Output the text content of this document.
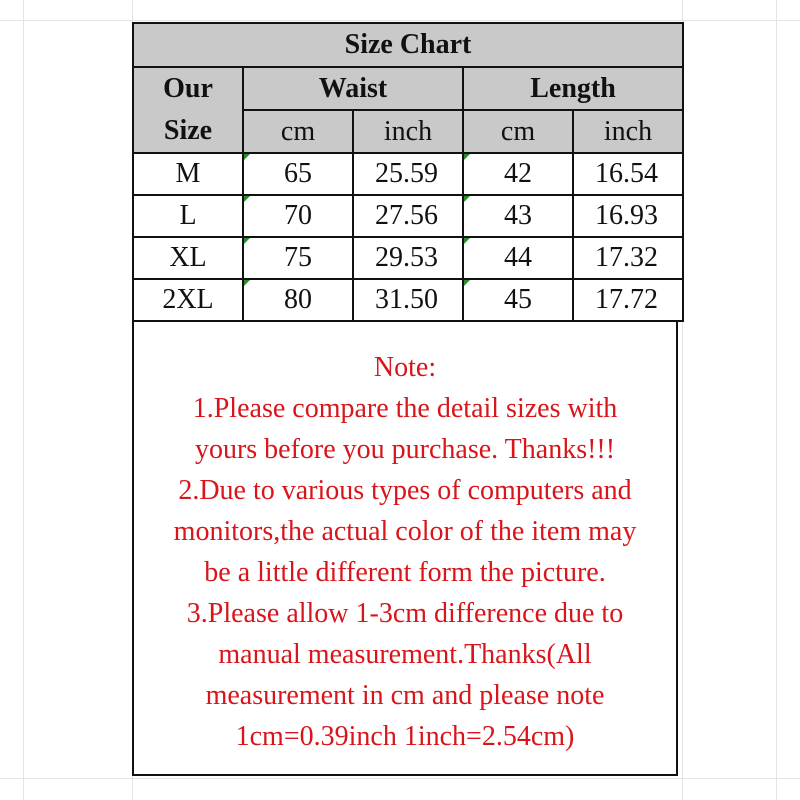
Size Chart				
Our
Size	Waist		Length	
	cm	inch	cm	inch
M	65	25.59	42	16.54
L	70	27.56	43	16.93
XL	75	29.53	44	17.32
2XL	80	31.50	45	17.72
Note:
1.Please compare the detail sizes with
yours before you purchase. Thanks!!!
2.Due to various types of computers and
monitors,the actual color of the item may
be a little different form the picture.
3.Please allow 1-3cm difference due to
manual measurement.Thanks(All
measurement in cm and please note
1cm=0.39inch 1inch=2.54cm)
